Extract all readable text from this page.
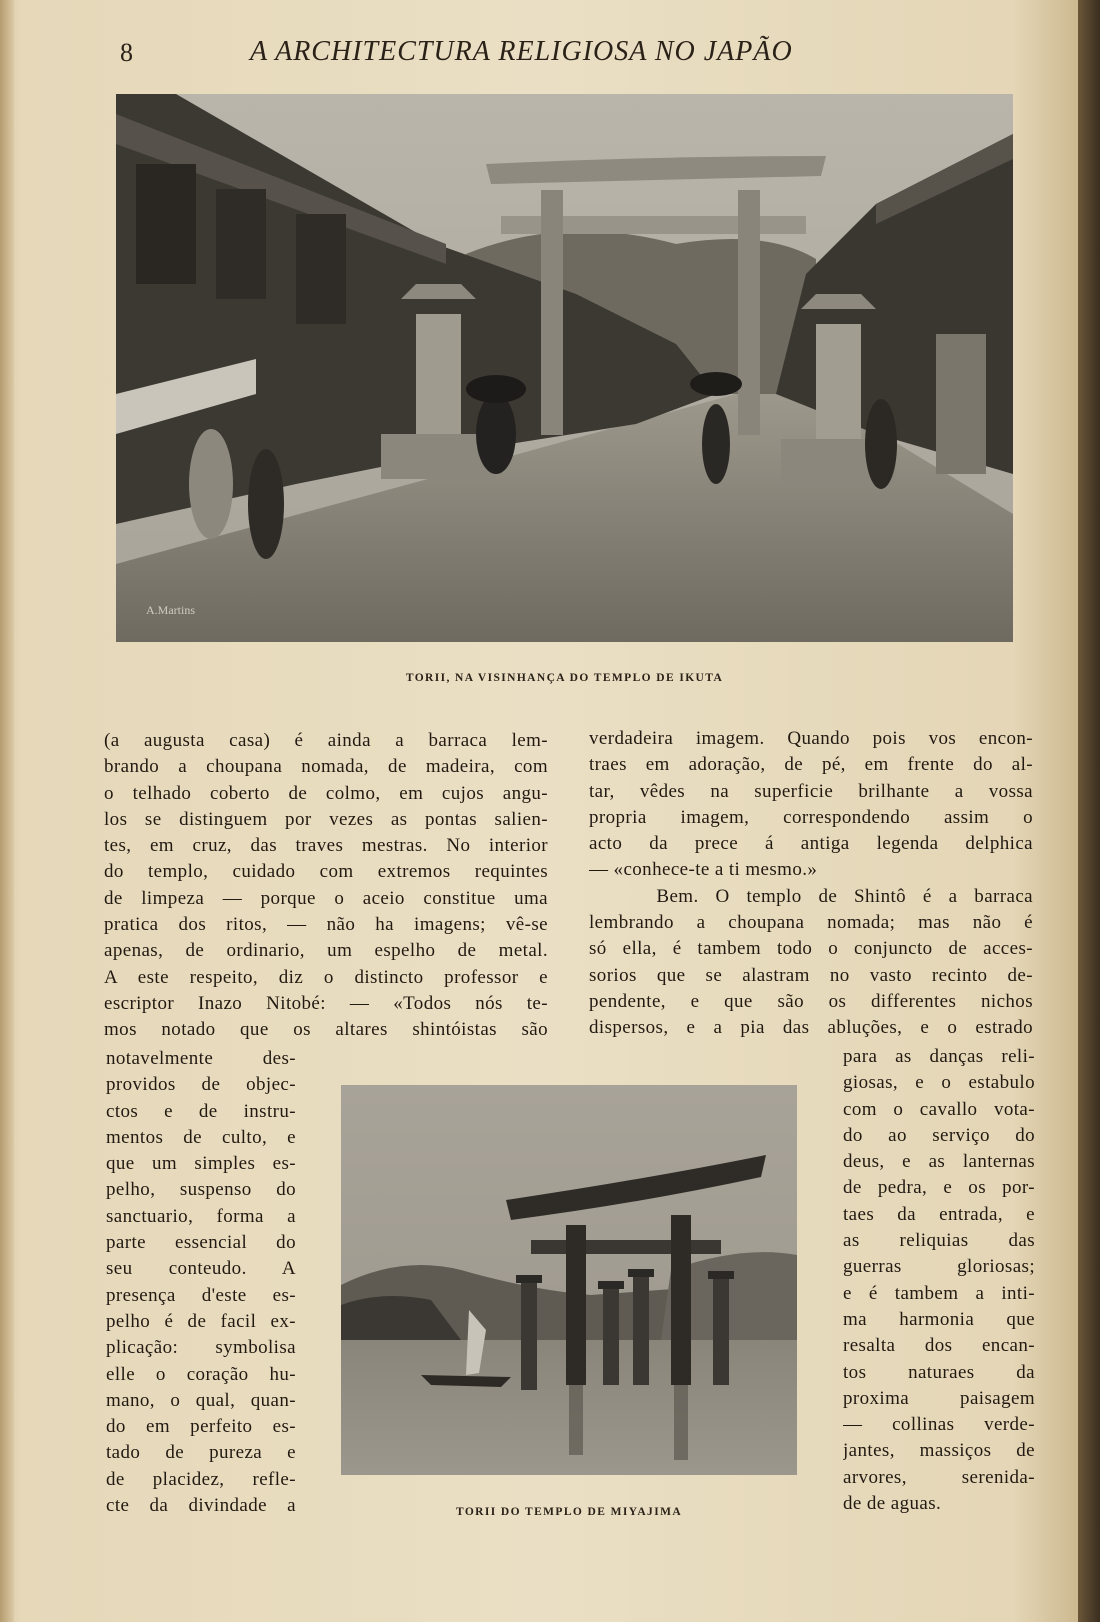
8	A ARCHITECTURA RELIGIOSA NO JAPÃO
A.Martins
TORII, NA VISINHANÇA DO TEMPLO DE IKUTA
TORII DO TEMPLO DE MIYAJIMA
(a augusta casa) é ainda a barraca lem-
brando a choupana nomada, de madeira, com
o telhado coberto de colmo, em cujos angu-
los se distinguem por vezes as pontas salien-
tes, em cruz, das traves mestras. No interior
do templo, cuidado com extremos requintes
de limpeza — porque o aceio constitue uma
pratica dos ritos, — não ha imagens; vê-se
apenas, de ordinario, um espelho de metal.
A este respeito, diz o distincto professor e
escriptor Inazo Nitobé: — «Todos nós te-
mos notado que os altares shintóistas são
notavelmente des-
providos de objec-
ctos e de instru-
mentos de culto, e
que um simples es-
pelho, suspenso do
sanctuario, forma a
parte essencial do
seu conteudo. A
presença d'este es-
pelho é de facil ex-
plicação: symbolisa
elle o coração hu-
mano, o qual, quan-
do em perfeito es-
tado de pureza e
de placidez, refle-
cte da divindade a
verdadeira imagem. Quando pois vos encon-
traes em adoração, de pé, em frente do al-
tar, vêdes na superficie brilhante a vossa
propria imagem, correspondendo assim o
acto da prece á antiga legenda delphica
— «conhece-te a ti mesmo.»
Bem. O templo de Shintô é a barraca
lembrando a choupana nomada; mas não é
só ella, é tambem todo o conjuncto de acces-
sorios que se alastram no vasto recinto de-
pendente, e que são os differentes nichos
dispersos, e a pia das abluções, e o estrado
para as danças reli-
giosas, e o estabulo
com o cavallo vota-
do ao serviço do
deus, e as lanternas
de pedra, e os por-
taes da entrada, e
as reliquias das
guerras gloriosas;
e é tambem a inti-
ma harmonia que
resalta dos encan-
tos naturaes da
proxima paisagem
— collinas verde-
jantes, massiços de
arvores, serenida-
de de aguas.
